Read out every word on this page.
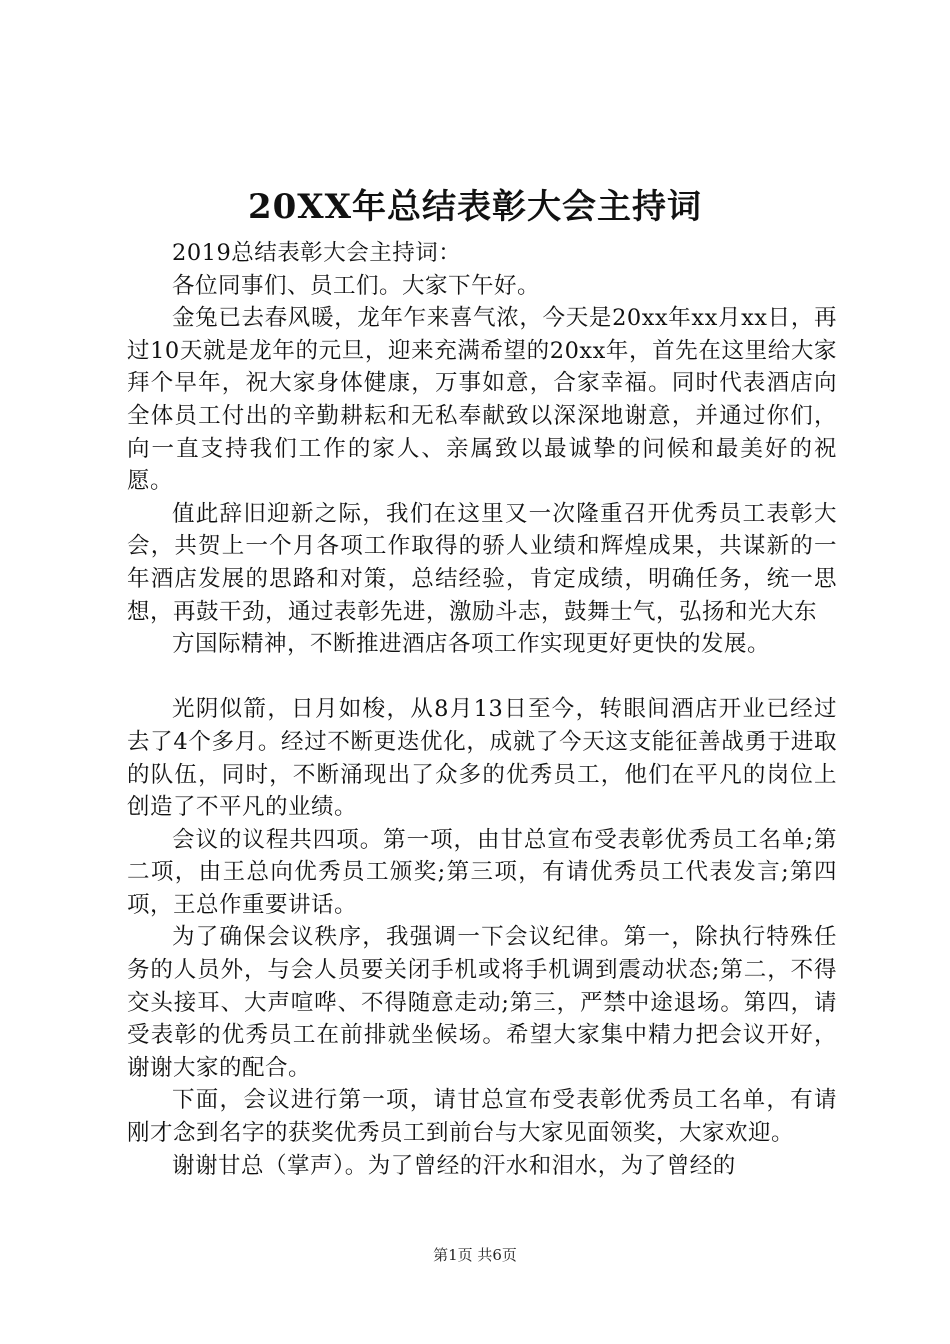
20XX年总结表彰大会主持词

2019总结表彰大会主持词：

各位同事们、员工们。大家下午好。

金兔已去春风暖，龙年乍来喜气浓，今天是20xx年xx月xx日，再过10天就是龙年的元旦，迎来充满希望的20xx年，首先在这里给大家拜个早年，祝大家身体健康，万事如意，合家幸福。同时代表酒店向全体员工付出的辛勤耕耘和无私奉献致以深深地谢意，并通过你们，向一直支持我们工作的家人、亲属致以最诚挚的问候和最美好的祝愿。

值此辞旧迎新之际，我们在这里又一次隆重召开优秀员工表彰大会，共贺上一个月各项工作取得的骄人业绩和辉煌成果，共谋新的一年酒店发展的思路和对策，总结经验，肯定成绩，明确任务，统一思想，再鼓干劲，通过表彰先进，激励斗志，鼓舞士气，弘扬和光大东

方国际精神，不断推进酒店各项工作实现更好更快的发展。

光阴似箭，日月如梭，从8月13日至今，转眼间酒店开业已经过去了4个多月。经过不断更迭优化，成就了今天这支能征善战勇于进取的队伍，同时，不断涌现出了众多的优秀员工，他们在平凡的岗位上创造了不平凡的业绩。

会议的议程共四项。第一项，由甘总宣布受表彰优秀员工名单;第二项，由王总向优秀员工颁奖;第三项，有请优秀员工代表发言;第四项，王总作重要讲话。

为了确保会议秩序，我强调一下会议纪律。第一，除执行特殊任务的人员外，与会人员要关闭手机或将手机调到震动状态;第二，不得交头接耳、大声喧哗、不得随意走动;第三，严禁中途退场。第四，请受表彰的优秀员工在前排就坐候场。希望大家集中精力把会议开好，谢谢大家的配合。

下面，会议进行第一项，请甘总宣布受表彰优秀员工名单，有请刚才念到名字的获奖优秀员工到前台与大家见面领奖，大家欢迎。

谢谢甘总（掌声）。为了曾经的汗水和泪水，为了曾经的

第1页 共6页
